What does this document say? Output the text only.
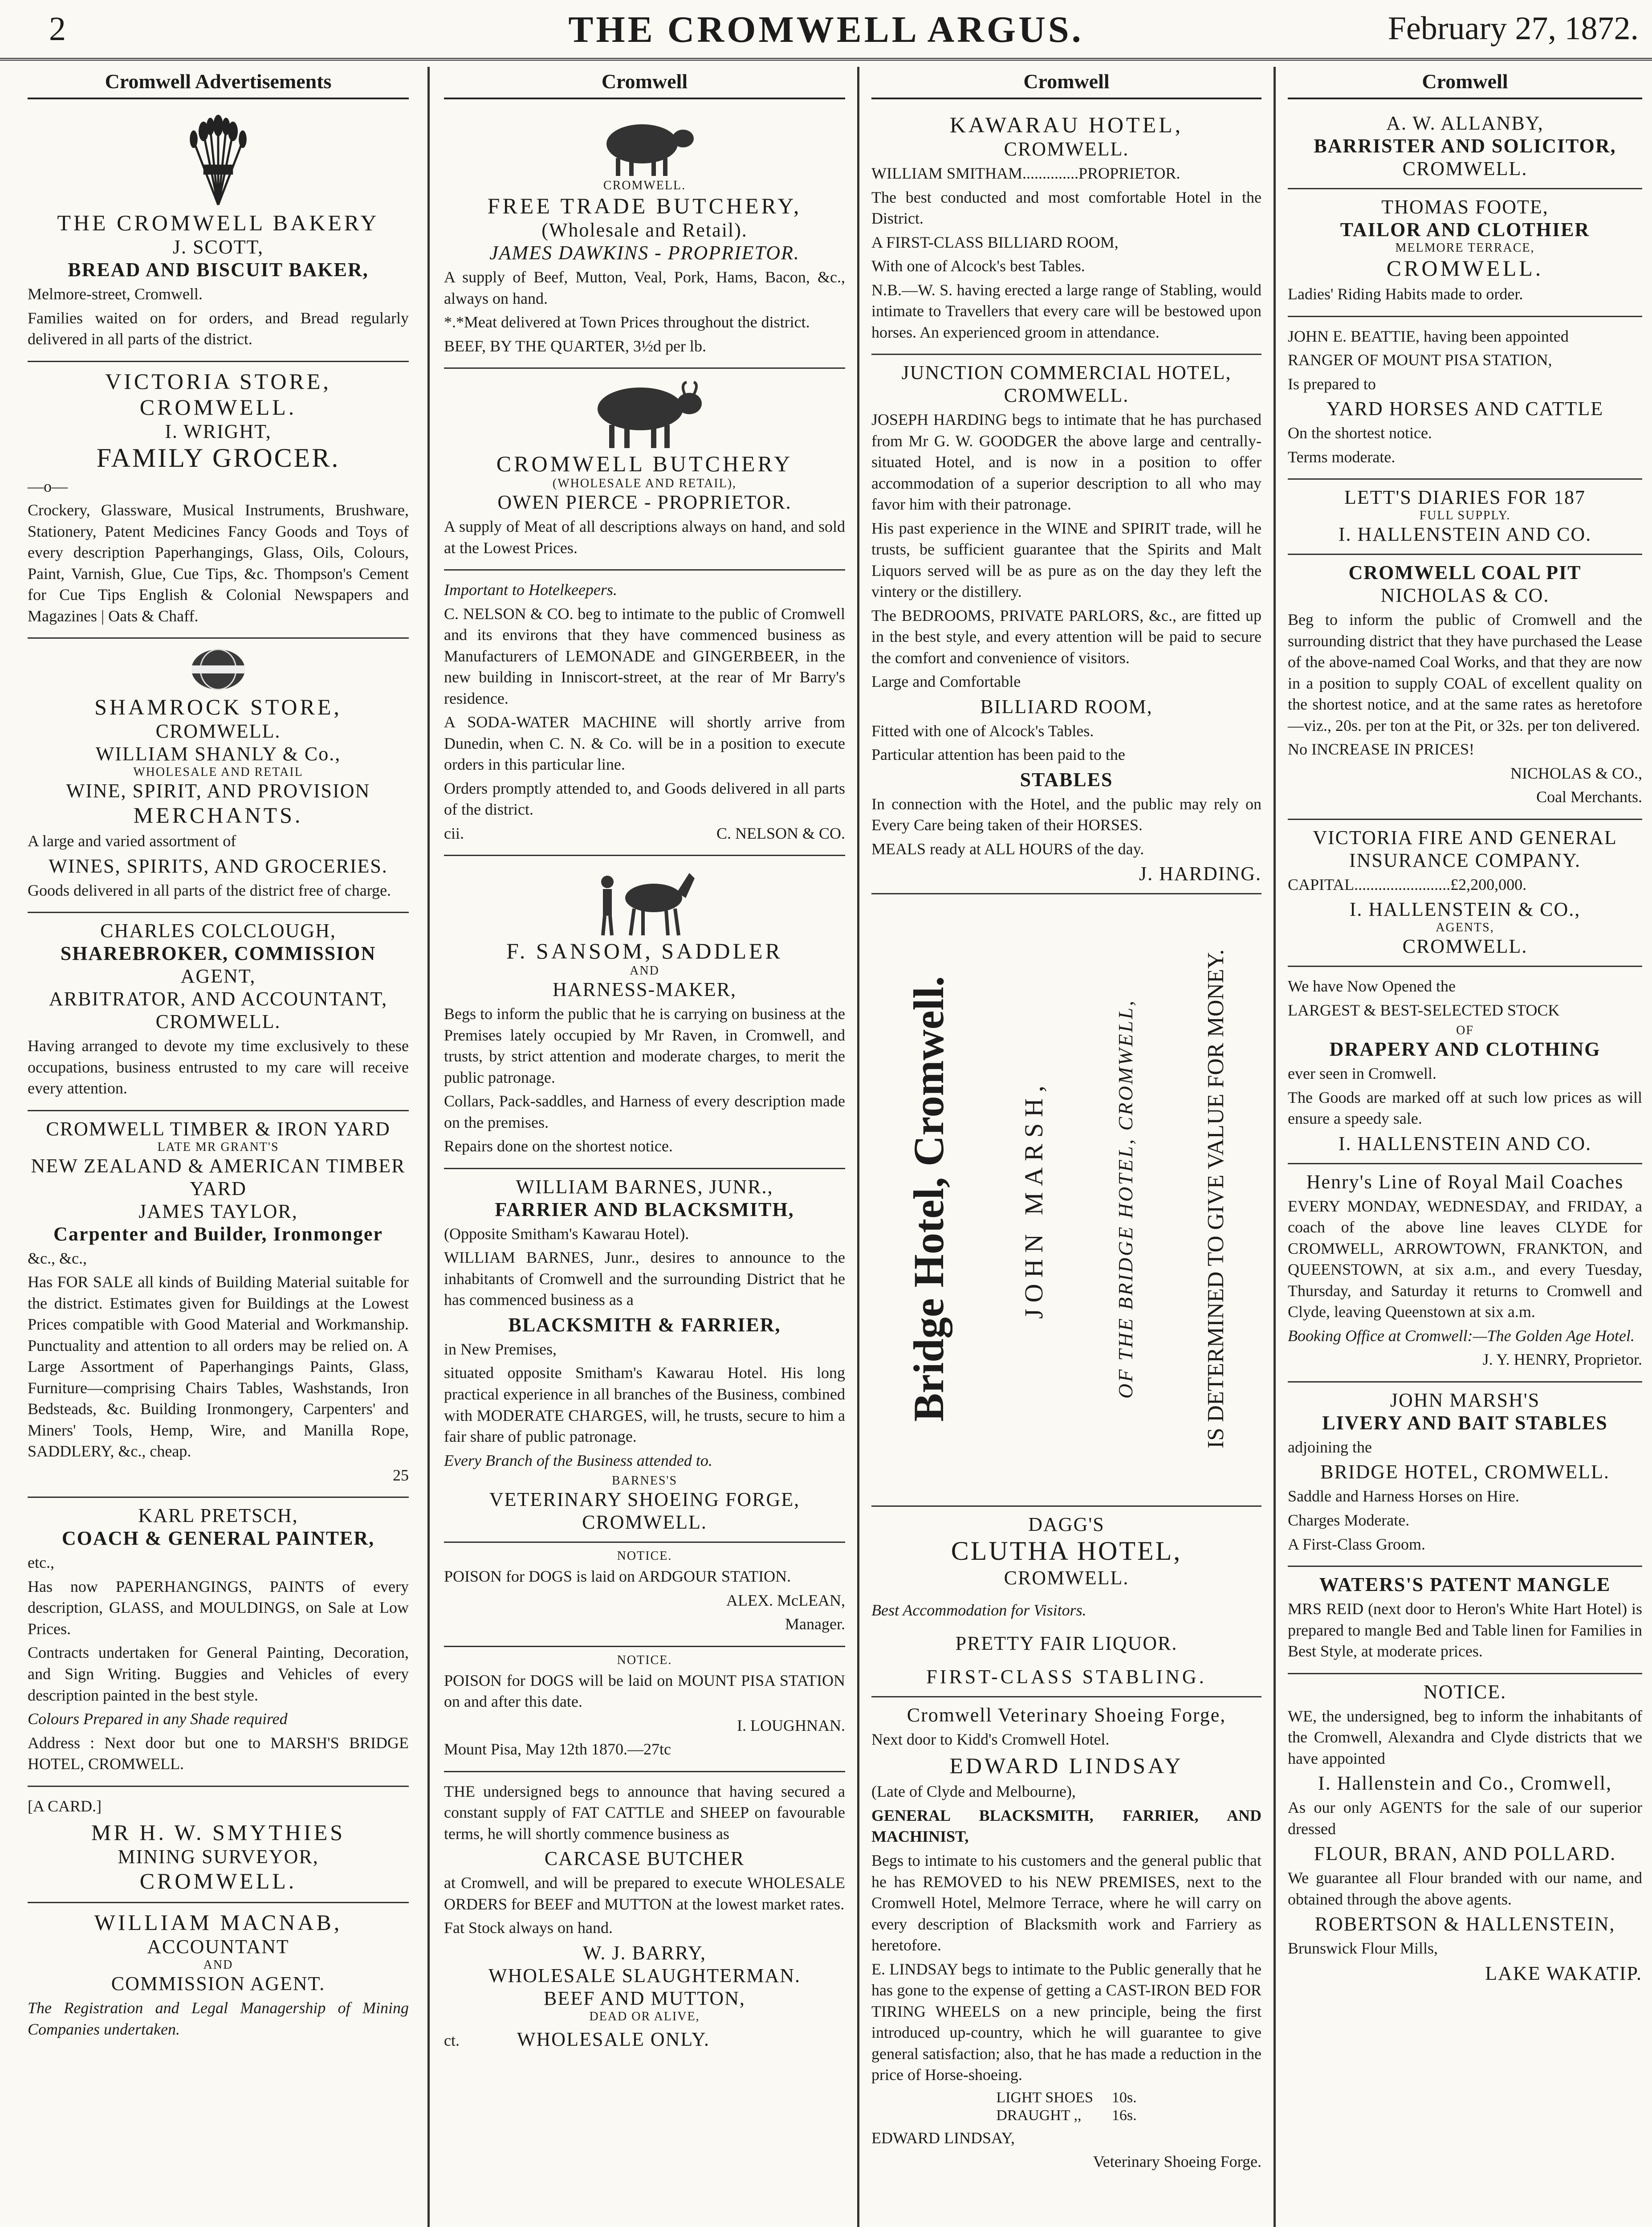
2	THE CROMWELL ARGUS.	February 27, 1872.
Cromwell Advertisements
THE CROMWELL BAKERY
J. SCOTT,
BREAD AND BISCUIT BAKER,
Melmore-street, Cromwell.
Families waited on for orders, and Bread regularly delivered in all parts of the district.
VICTORIA STORE, CROMWELL.
I. WRIGHT,
FAMILY GROCER.
—o—
Crockery, Glassware, Musical Instruments, Brushware, Stationery, Patent Medicines Fancy Goods and Toys of every description Paperhangings, Glass, Oils, Colours, Paint, Varnish, Glue, Cue Tips, &c. Thompson's Cement for Cue Tips English & Colonial Newspapers and Magazines | Oats & Chaff.
SHAMROCK STORE,
CROMWELL.
WILLIAM SHANLY & Co.,
WHOLESALE AND RETAIL
WINE, SPIRIT, AND PROVISION
MERCHANTS.
A large and varied assortment of
WINES, SPIRITS, AND GROCERIES.
Goods delivered in all parts of the district free of charge.
CHARLES COLCLOUGH,
SHAREBROKER, COMMISSION
AGENT,
ARBITRATOR, AND ACCOUNTANT,
CROMWELL.
Having arranged to devote my time exclusively to these occupations, business entrusted to my care will receive every attention.
CROMWELL TIMBER & IRON YARD
LATE MR GRANT'S
NEW ZEALAND & AMERICAN TIMBER YARD
JAMES TAYLOR,
Carpenter and Builder, Ironmonger
&c., &c.,
Has FOR SALE all kinds of Building Material suitable for the district. Estimates given for Buildings at the Lowest Prices compatible with Good Material and Workmanship. Punctuality and attention to all orders may be relied on. A Large Assortment of Paperhangings Paints, Glass, Furniture—comprising Chairs Tables, Washstands, Iron Bedsteads, &c. Building Ironmongery, Carpenters' and Miners' Tools, Hemp, Wire, and Manilla Rope, SADDLERY, &c., cheap.
25
KARL PRETSCH,
COACH & GENERAL PAINTER,
etc.,
Has now PAPERHANGINGS, PAINTS of every description, GLASS, and MOULDINGS, on Sale at Low Prices.
Contracts undertaken for General Painting, Decoration, and Sign Writing. Buggies and Vehicles of every description painted in the best style.
Colours Prepared in any Shade required
Address : Next door but one to MARSH'S BRIDGE HOTEL, CROMWELL.
[A CARD.]
MR H. W. SMYTHIES
MINING SURVEYOR,
CROMWELL.
WILLIAM MACNAB,
ACCOUNTANT
AND
COMMISSION AGENT.
The Registration and Legal Managership of Mining Companies undertaken.
Cromwell
CROMWELL.
FREE TRADE BUTCHERY,
(Wholesale and Retail).
JAMES DAWKINS - PROPRIETOR.
A supply of Beef, Mutton, Veal, Pork, Hams, Bacon, &c., always on hand.
*.*Meat delivered at Town Prices throughout the district.
BEEF, BY THE QUARTER, 3½d per lb.
CROMWELL BUTCHERY
(WHOLESALE AND RETAIL),
OWEN PIERCE - PROPRIETOR.
A supply of Meat of all descriptions always on hand, and sold at the Lowest Prices.
Important to Hotelkeepers.
C. NELSON & CO. beg to intimate to the public of Cromwell and its environs that they have commenced business as Manufacturers of LEMONADE and GINGERBEER, in the new building in Inniscort-street, at the rear of Mr Barry's residence.
A SODA-WATER MACHINE will shortly arrive from Dunedin, when C. N. & Co. will be in a position to execute orders in this particular line.
Orders promptly attended to, and Goods delivered in all parts of the district.
cii.	C. NELSON & CO.
F. SANSOM, SADDLER
AND
HARNESS-MAKER,
Begs to inform the public that he is carrying on business at the Premises lately occupied by Mr Raven, in Cromwell, and trusts, by strict attention and moderate charges, to merit the public patronage.
Collars, Pack-saddles, and Harness of every description made on the premises.
Repairs done on the shortest notice.
WILLIAM BARNES, JUNR.,
FARRIER AND BLACKSMITH,
(Opposite Smitham's Kawarau Hotel).
WILLIAM BARNES, Junr., desires to announce to the inhabitants of Cromwell and the surrounding District that he has commenced business as a
BLACKSMITH & FARRIER,
in New Premises,
situated opposite Smitham's Kawarau Hotel. His long practical experience in all branches of the Business, combined with MODERATE CHARGES, will, he trusts, secure to him a fair share of public patronage.
Every Branch of the Business attended to.
BARNES'S
VETERINARY SHOEING FORGE,
CROMWELL.
NOTICE.
POISON for DOGS is laid on ARDGOUR STATION.
ALEX. McLEAN,
Manager.
NOTICE.
POISON for DOGS will be laid on MOUNT PISA STATION on and after this date.
I. LOUGHNAN.
Mount Pisa, May 12th 1870.—27tc
THE undersigned begs to announce that having secured a constant supply of FAT CATTLE and SHEEP on favourable terms, he will shortly commence business as
CARCASE BUTCHER
at Cromwell, and will be prepared to execute WHOLESALE ORDERS for BEEF and MUTTON at the lowest market rates.
Fat Stock always on hand.
W. J. BARRY,
WHOLESALE SLAUGHTERMAN.
BEEF AND MUTTON,
DEAD OR ALIVE,
ct.	WHOLESALE ONLY.
Cromwell
KAWARAU HOTEL,
CROMWELL.
WILLIAM SMITHAM..............PROPRIETOR.
The best conducted and most comfortable Hotel in the District.
A FIRST-CLASS BILLIARD ROOM,
With one of Alcock's best Tables.
N.B.—W. S. having erected a large range of Stabling, would intimate to Travellers that every care will be bestowed upon horses. An experienced groom in attendance.
JUNCTION COMMERCIAL HOTEL,
CROMWELL.
JOSEPH HARDING begs to intimate that he has purchased from Mr G. W. GOODGER the above large and centrally-situated Hotel, and is now in a position to offer accommodation of a superior description to all who may favor him with their patronage.
His past experience in the WINE and SPIRIT trade, will he trusts, be sufficient guarantee that the Spirits and Malt Liquors served will be as pure as on the day they left the vintery or the distillery.
The BEDROOMS, PRIVATE PARLORS, &c., are fitted up in the best style, and every attention will be paid to secure the comfort and convenience of visitors.
Large and Comfortable
BILLIARD ROOM,
Fitted with one of Alcock's Tables.
Particular attention has been paid to the
STABLES
In connection with the Hotel, and the public may rely on Every Care being taken of their HORSES.
MEALS ready at ALL HOURS of the day.
J. HARDING.
Bridge Hotel, Cromwell.	JOHN MARSH,	OF THE BRIDGE HOTEL, CROMWELL,	IS DETERMINED TO GIVE VALUE FOR MONEY.
DAGG'S
CLUTHA HOTEL,
CROMWELL.
Best Accommodation for Visitors.
PRETTY FAIR LIQUOR.
FIRST-CLASS STABLING.
Cromwell Veterinary Shoeing Forge,
Next door to Kidd's Cromwell Hotel.
EDWARD LINDSAY
(Late of Clyde and Melbourne),
GENERAL BLACKSMITH, FARRIER, AND MACHINIST,
Begs to intimate to his customers and the general public that he has REMOVED to his NEW PREMISES, next to the Cromwell Hotel, Melmore Terrace, where he will carry on every description of Blacksmith work and Farriery as heretofore.
E. LINDSAY begs to intimate to the Public generally that he has gone to the expense of getting a CAST-IRON BED FOR TIRING WHEELS on a new principle, being the first introduced up-country, which he will guarantee to give general satisfaction; also, that he has made a reduction in the price of Horse-shoeing.
LIGHT SHOES	10s.
DRAUGHT ,,	16s.
EDWARD LINDSAY,
Veterinary Shoeing Forge.
Cromwell
A. W. ALLANBY,
BARRISTER AND SOLICITOR,
CROMWELL.
THOMAS FOOTE,
TAILOR AND CLOTHIER
MELMORE TERRACE,
CROMWELL.
Ladies' Riding Habits made to order.
JOHN E. BEATTIE, having been appointed
RANGER OF MOUNT PISA STATION,
Is prepared to
YARD HORSES AND CATTLE
On the shortest notice.
Terms moderate.
LETT'S DIARIES FOR 187
FULL SUPPLY.
I. HALLENSTEIN AND CO.
CROMWELL COAL PIT
NICHOLAS & CO.
Beg to inform the public of Cromwell and the surrounding district that they have purchased the Lease of the above-named Coal Works, and that they are now in a position to supply COAL of excellent quality on the shortest notice, and at the same rates as heretofore—viz., 20s. per ton at the Pit, or 32s. per ton delivered.
No INCREASE IN PRICES!
NICHOLAS & CO.,
Coal Merchants.
VICTORIA FIRE AND GENERAL
INSURANCE COMPANY.
CAPITAL........................£2,200,000.
I. HALLENSTEIN & CO.,
AGENTS,
CROMWELL.
We have Now Opened the
LARGEST & BEST-SELECTED STOCK
OF
DRAPERY AND CLOTHING
ever seen in Cromwell.
The Goods are marked off at such low prices as will ensure a speedy sale.
I. HALLENSTEIN AND CO.
Henry's Line of Royal Mail Coaches
EVERY MONDAY, WEDNESDAY, and FRIDAY, a coach of the above line leaves CLYDE for CROMWELL, ARROWTOWN, FRANKTON, and QUEENSTOWN, at six a.m., and every Tuesday, Thursday, and Saturday it returns to Cromwell and Clyde, leaving Queenstown at six a.m.
Booking Office at Cromwell:—The Golden Age Hotel.
J. Y. HENRY, Proprietor.
JOHN MARSH'S
LIVERY AND BAIT STABLES
adjoining the
BRIDGE HOTEL, CROMWELL.
Saddle and Harness Horses on Hire.
Charges Moderate.
A First-Class Groom.
WATERS'S PATENT MANGLE
MRS REID (next door to Heron's White Hart Hotel) is prepared to mangle Bed and Table linen for Families in Best Style, at moderate prices.
NOTICE.
WE, the undersigned, beg to inform the inhabitants of the Cromwell, Alexandra and Clyde districts that we have appointed
I. Hallenstein and Co., Cromwell,
As our only AGENTS for the sale of our superior dressed
FLOUR, BRAN, AND POLLARD.
We guarantee all Flour branded with our name, and obtained through the above agents.
ROBERTSON & HALLENSTEIN,
Brunswick Flour Mills,
LAKE WAKATIP.
